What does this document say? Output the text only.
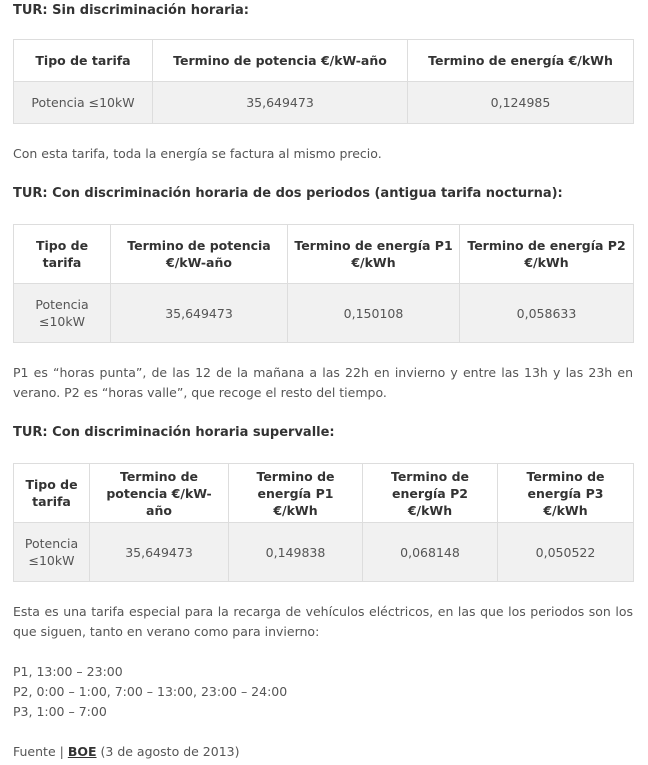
TUR: Sin discriminación horaria:

Tipo de tarifa	Termino de potencia €/kW-año	Termino de energía €/kWh
Potencia ≤10kW	35,649473	0,124985

Con esta tarifa, toda la energía se factura al mismo precio.

TUR: Con discriminación horaria de dos periodos (antigua tarifa nocturna):

Tipo de tarifa	Termino de potencia €/kW-año	Termino de energía P1 €/kWh	Termino de energía P2 €/kWh
Potencia ≤10kW	35,649473	0,150108	0,058633

P1 es “horas punta”, de las 12 de la mañana a las 22h en invierno y entre las 13h y las 23h en verano. P2 es “horas valle”, que recoge el resto del tiempo.

TUR: Con discriminación horaria supervalle:

Tipo de tarifa	Termino de potencia €/kW-año	Termino de energía P1 €/kWh	Termino de energía P2 €/kWh	Termino de energía P3 €/kWh
Potencia ≤10kW	35,649473	0,149838	0,068148	0,050522

Esta es una tarifa especial para la recarga de vehículos eléctricos, en las que los periodos son los que siguen, tanto en verano como para invierno:

P1, 13:00 – 23:00

P2, 0:00 – 1:00, 7:00 – 13:00, 23:00 – 24:00

P3, 1:00 – 7:00

Fuente | BOE (3 de agosto de 2013)
